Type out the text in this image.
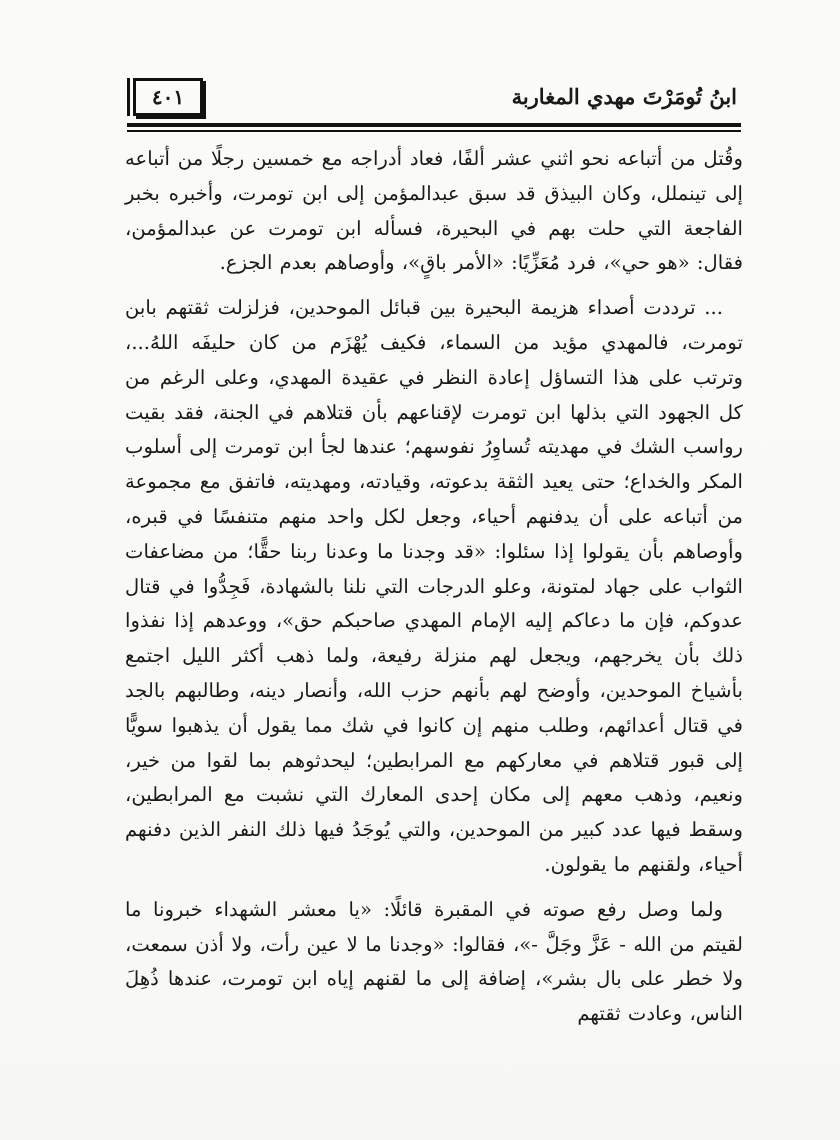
ابنُ تُومَرْتَ مهدي المغاربة
٤٠١

وقُتل من أتباعه نحو اثني عشر ألفًا، فعاد أدراجه مع خمسين رجلًا من أتباعه إلى تينملل، وكان البيذق قد سبق عبدالمؤمن إلى ابن تومرت، وأخبره بخبر الفاجعة التي حلت بهم في البحيرة، فسأله ابن تومرت عن عبدالمؤمن، فقال: «هو حي»، فرد مُعَزِّيًا: «الأمر باقٍ»، وأوصاهم بعدم الجزع.

... ترددت أصداء هزيمة البحيرة بين قبائل الموحدين، فزلزلت ثقتهم بابن تومرت، فالمهدي مؤيد من السماء، فكيف يُهْزَم من كان حليفَه اللهُ...، وترتب على هذا التساؤل إعادة النظر في عقيدة المهدي، وعلى الرغم من كل الجهود التي بذلها ابن تومرت لإقناعهم بأن قتلاهم في الجنة، فقد بقيت رواسب الشك في مهديته تُساوِرُ نفوسهم؛ عندها لجأ ابن تومرت إلى أسلوب المكر والخداع؛ حتى يعيد الثقة بدعوته، وقيادته، ومهديته، فاتفق مع مجموعة من أتباعه على أن يدفنهم أحياء، وجعل لكل واحد منهم متنفسًا في قبره، وأوصاهم بأن يقولوا إذا سئلوا: «قد وجدنا ما وعدنا ربنا حقًّا؛ من مضاعفات الثواب على جهاد لمتونة، وعلو الدرجات التي نلنا بالشهادة، فَجِدُّوا في قتال عدوكم، فإن ما دعاكم إليه الإمام المهدي صاحبكم حق»، ووعدهم إذا نفذوا ذلك بأن يخرجهم، ويجعل لهم منزلة رفيعة، ولما ذهب أكثر الليل اجتمع بأشياخ الموحدين، وأوضح لهم بأنهم حزب الله، وأنصار دينه، وطالبهم بالجد في قتال أعدائهم، وطلب منهم إن كانوا في شك مما يقول أن يذهبوا سويًّا إلى قبور قتلاهم في معاركهم مع المرابطين؛ ليحدثوهم بما لقوا من خير، ونعيم، وذهب معهم إلى مكان إحدى المعارك التي نشبت مع المرابطين، وسقط فيها عدد كبير من الموحدين، والتي يُوجَدُ فيها ذلك النفر الذين دفنهم أحياء، ولقنهم ما يقولون.

ولما وصل رفع صوته في المقبرة قائلًا: «يا معشر الشهداء خبرونا ما لقيتم من الله - عَزَّ وجَلَّ -»، فقالوا: «وجدنا ما لا عين رأت، ولا أذن سمعت، ولا خطر على بال بشر»، إضافة إلى ما لقنهم إياه ابن تومرت، عندها ذُهِلَ الناس، وعادت ثقتهم
